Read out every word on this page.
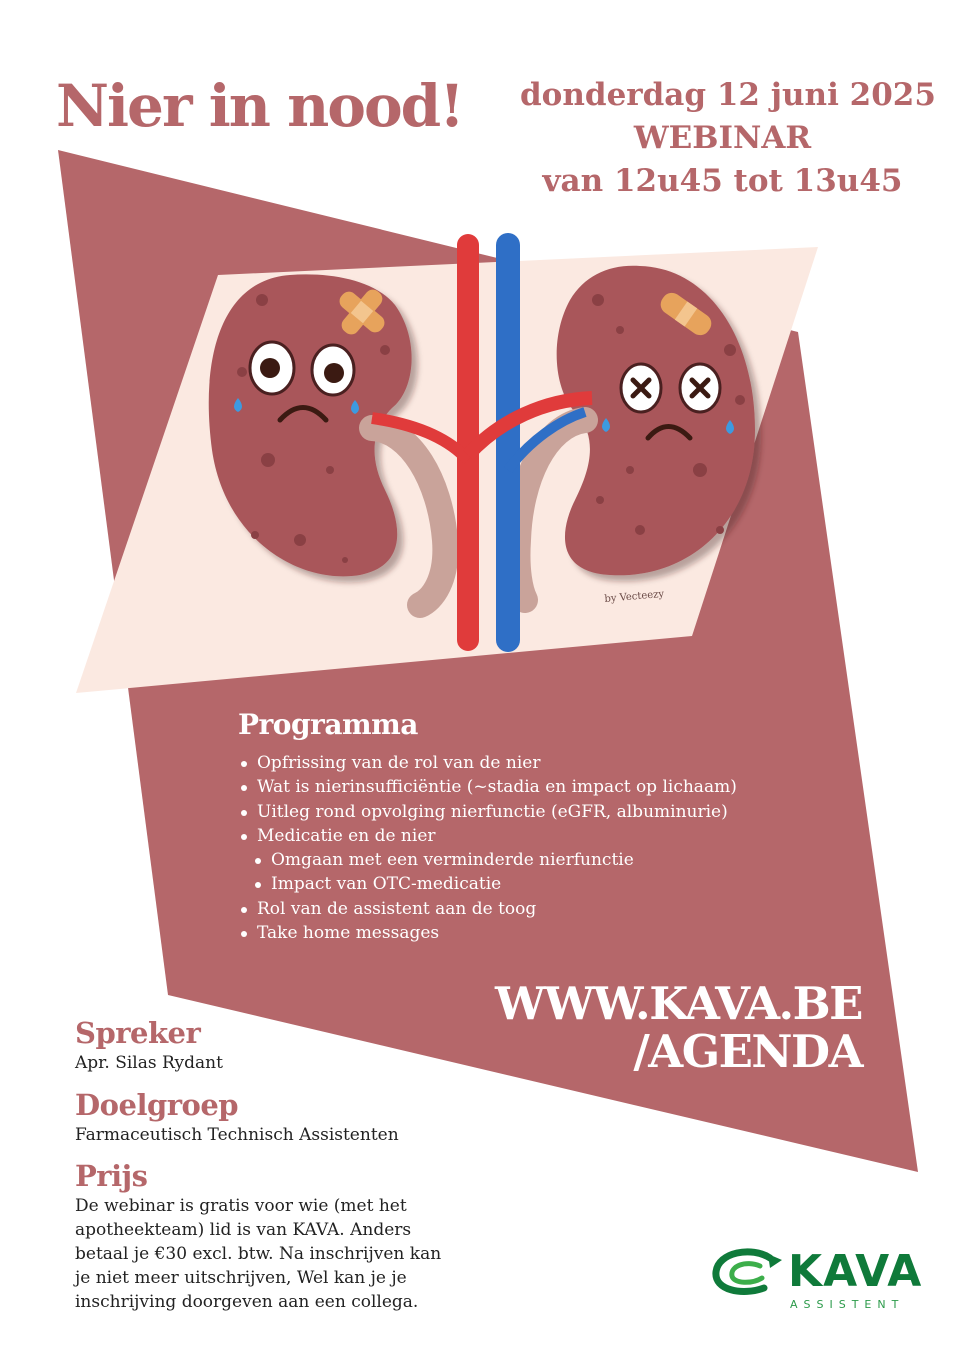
Nier in nood! donderdag 12 juni 2025
WEBINAR
van 12u45 tot 13u45
by Vecteezy
Programma
Opfrissing van de rol van de nier
Wat is nierinsufficiëntie (~stadia en impact op lichaam)
Uitleg rond opvolging nierfunctie (eGFR, albuminurie)
Medicatie en de nier
Omgaan met een verminderde nierfunctie
Impact van OTC-medicatie
Rol van de assistent aan de toog
Take home messages
WWW.KAVA.BE
/AGENDA
Spreker

Apr. Silas Rydant

Doelgroep

Farmaceutisch Technisch Assistenten

Prijs

De webinar is gratis voor wie (met het apotheekteam) lid is van KAVA. Anders betaal je €30 excl. btw. Na inschrijven kan je niet meer uitschrijven, Wel kan je je inschrijving doorgeven aan een collega.

KAVA
ASSISTENT
